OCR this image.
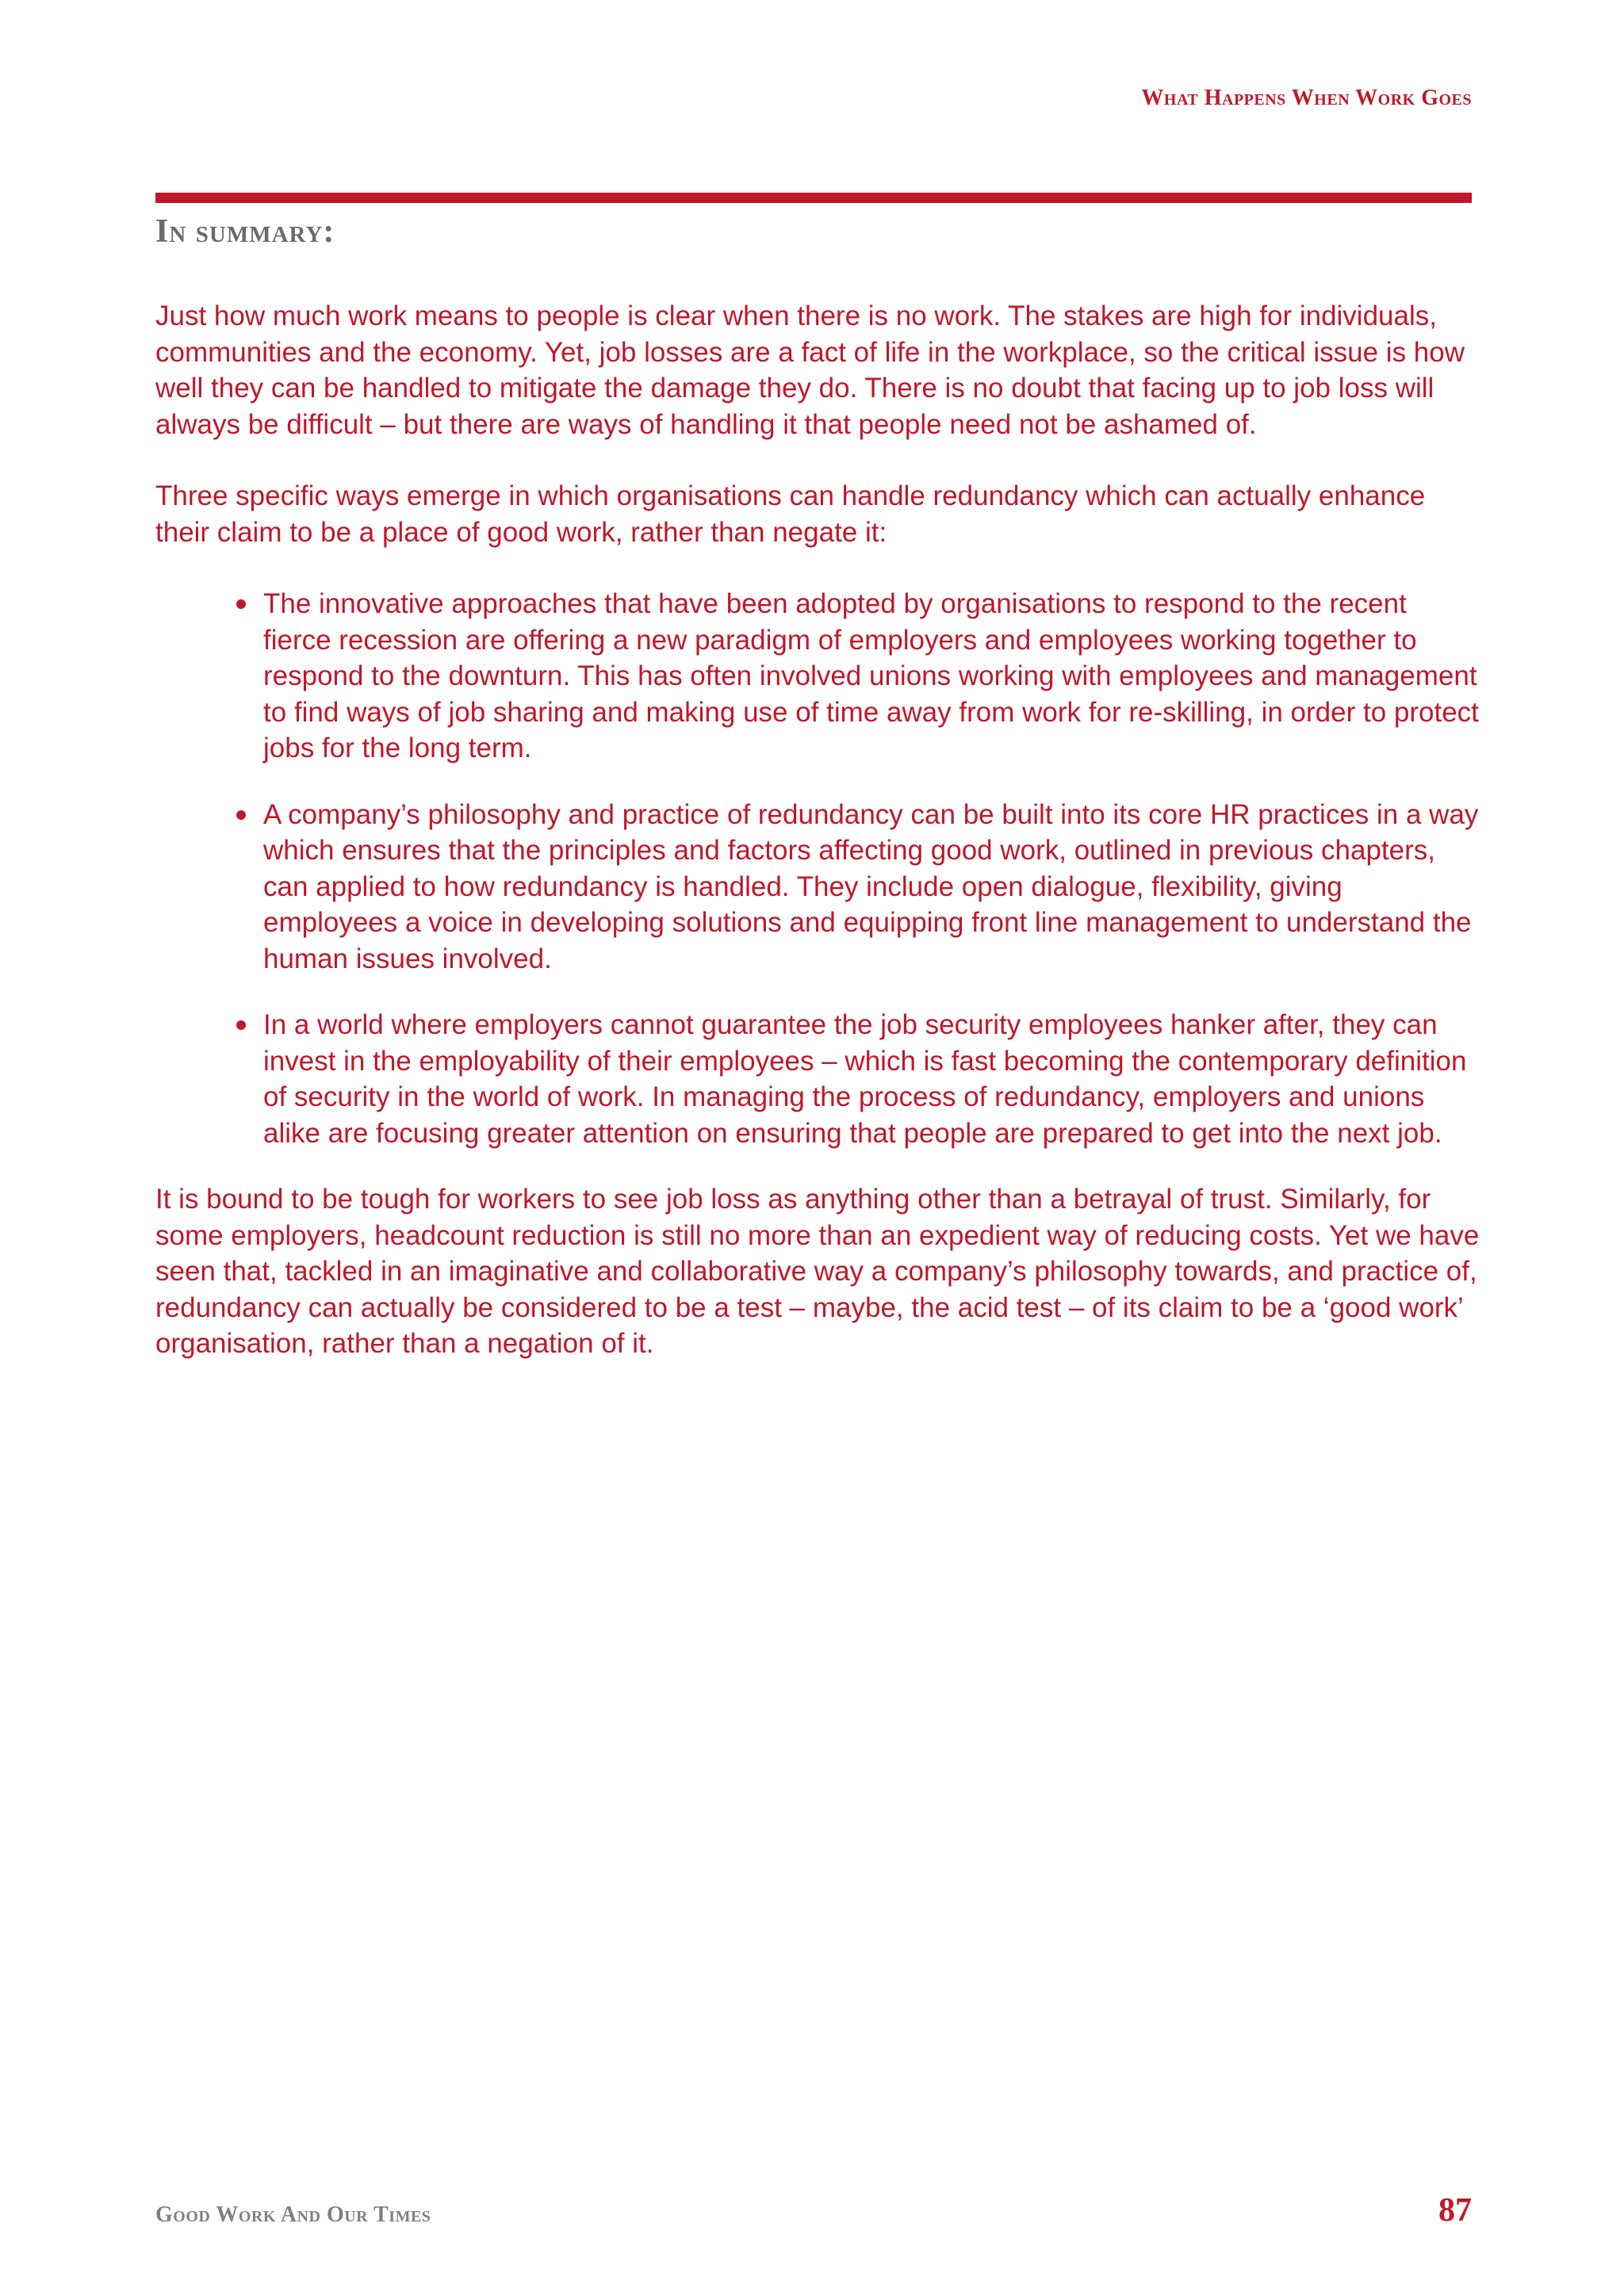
What Happens When Work Goes
In summary:

Just how much work means to people is clear when there is no work. The stakes are high for individuals, communities and the economy. Yet, job losses are a fact of life in the workplace, so the critical issue is how well they can be handled to mitigate the damage they do. There is no doubt that facing up to job loss will always be difficult – but there are ways of handling it that people need not be ashamed of.

Three specific ways emerge in which organisations can handle redundancy which can actually enhance their claim to be a place of good work, rather than negate it:

The innovative approaches that have been adopted by organisations to respond to the recent fierce recession are offering a new paradigm of employers and employees working together to respond to the downturn. This has often involved unions working with employees and management to find ways of job sharing and making use of time away from work for re-skilling, in order to protect jobs for the long term.
A company’s philosophy and practice of redundancy can be built into its core HR practices in a way which ensures that the principles and factors affecting good work, outlined in previous chapters, can applied to how redundancy is handled. They include open dialogue, flexibility, giving employees a voice in developing solutions and equipping front line management to understand the human issues involved.
In a world where employers cannot guarantee the job security employees hanker after, they can invest in the employability of their employees – which is fast becoming the contemporary definition of security in the world of work. In managing the process of redundancy, employers and unions alike are focusing greater attention on ensuring that people are prepared to get into the next job.

It is bound to be tough for workers to see job loss as anything other than a betrayal of trust. Similarly, for some employers, headcount reduction is still no more than an expedient way of reducing costs. Yet we have seen that, tackled in an imaginative and collaborative way a company’s philosophy towards, and practice of, redundancy can actually be considered to be a test – maybe, the acid test – of its claim to be a ‘good work’ organisation, rather than a negation of it.

Good Work And Our Times	87
